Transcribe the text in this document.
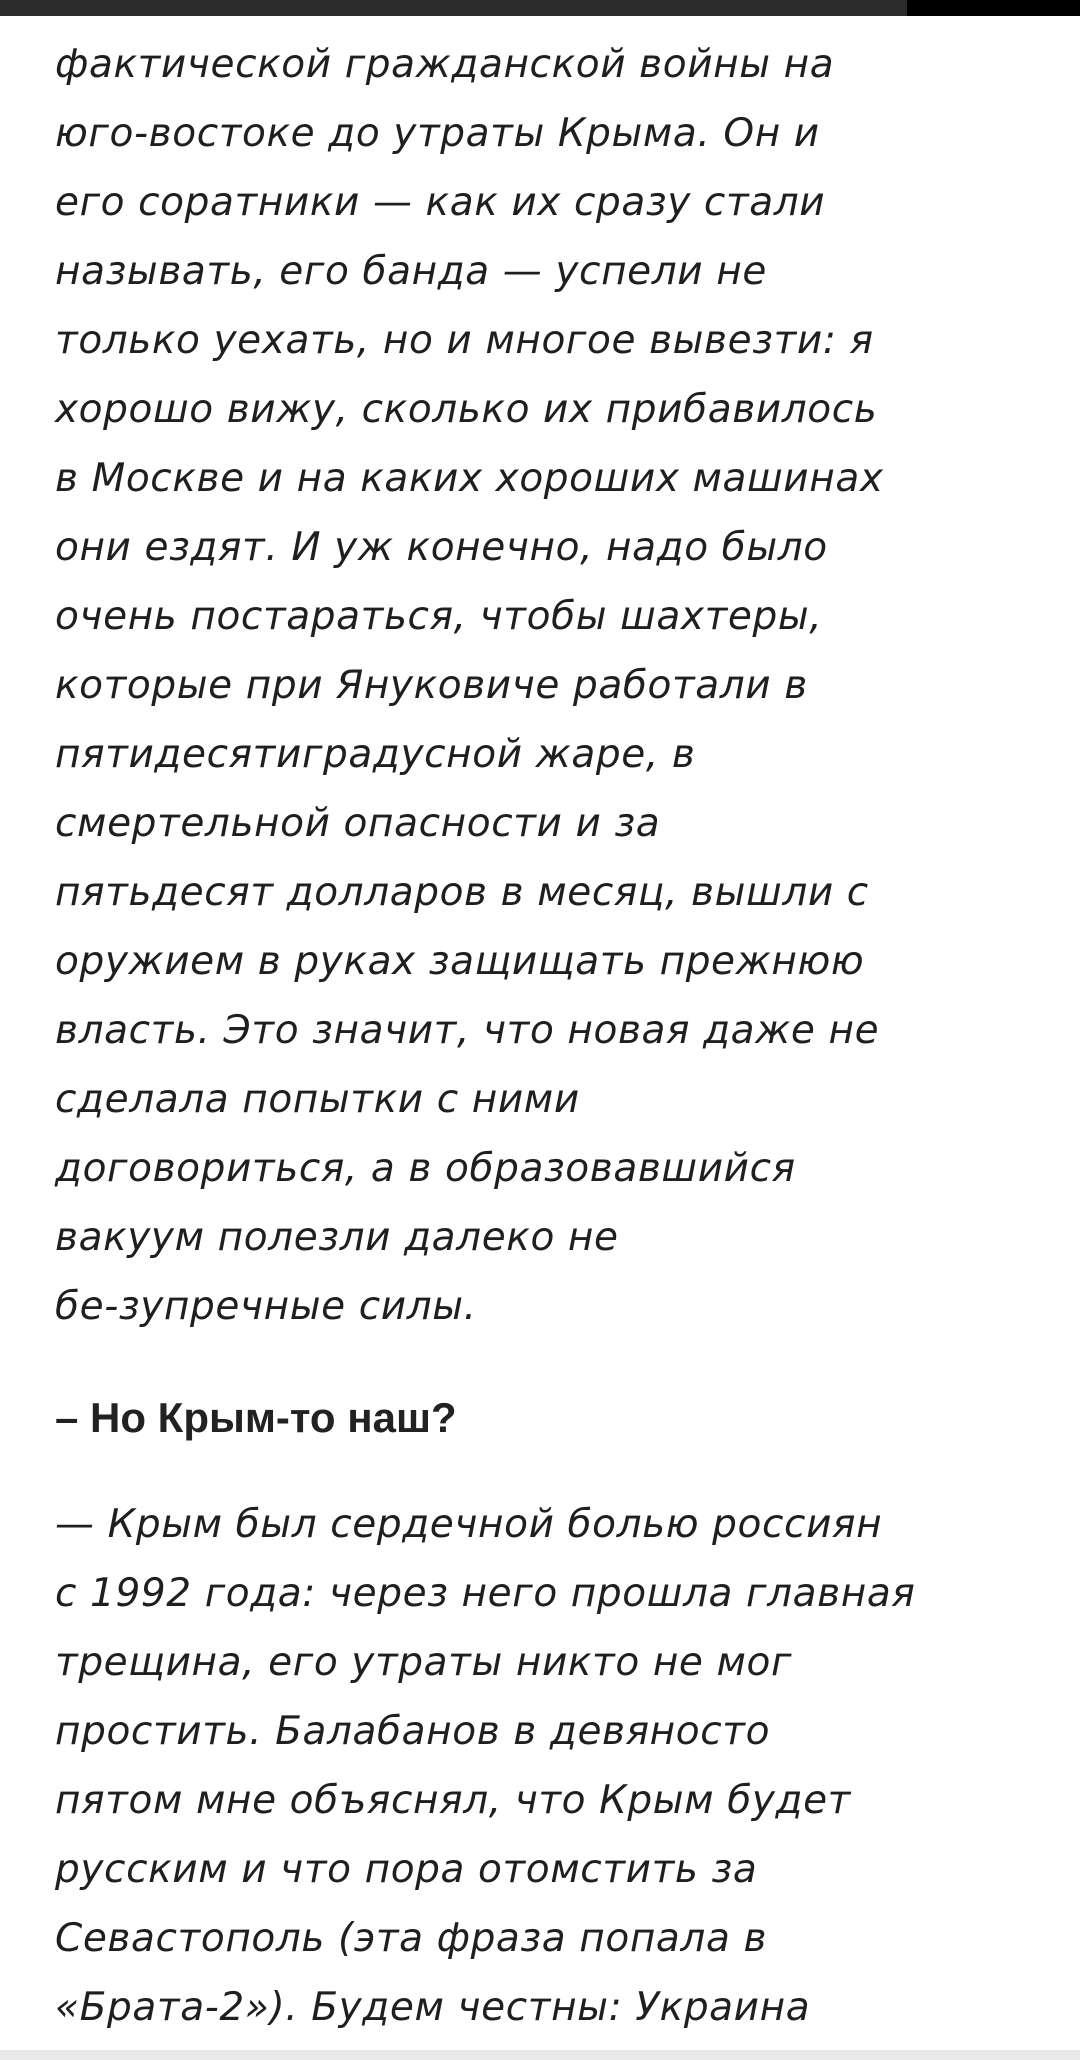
фактической гражданской войны на
юго-востоке до утраты Крыма. Он и
его соратники — как их сразу стали
называть, его банда — успели не
только уехать, но и многое вывезти: я
хорошо вижу, сколько их прибавилось
в Москве и на каких хороших машинах
они ездят. И уж конечно, надо было
очень постараться, чтобы шахтеры,
которые при Януковиче работали в
пятидесятиградусной жаре, в
смертельной опасности и за
пятьдесят долларов в месяц, вышли с
оружием в руках защищать прежнюю
власть. Это значит, что новая даже не
сделала попытки с ними
договориться, а в образовавшийся
вакуум полезли далеко не
бе-зупречные силы.

– Но Крым-то наш?

— Крым был сердечной болью россиян
с 1992 года: через него прошла главная
трещина, его утраты никто не мог
простить. Балабанов в девяносто
пятом мне объяснял, что Крым будет
русским и что пора отомстить за
Севастополь (эта фраза попала в
«Брата-2»). Будем честны: Украина
